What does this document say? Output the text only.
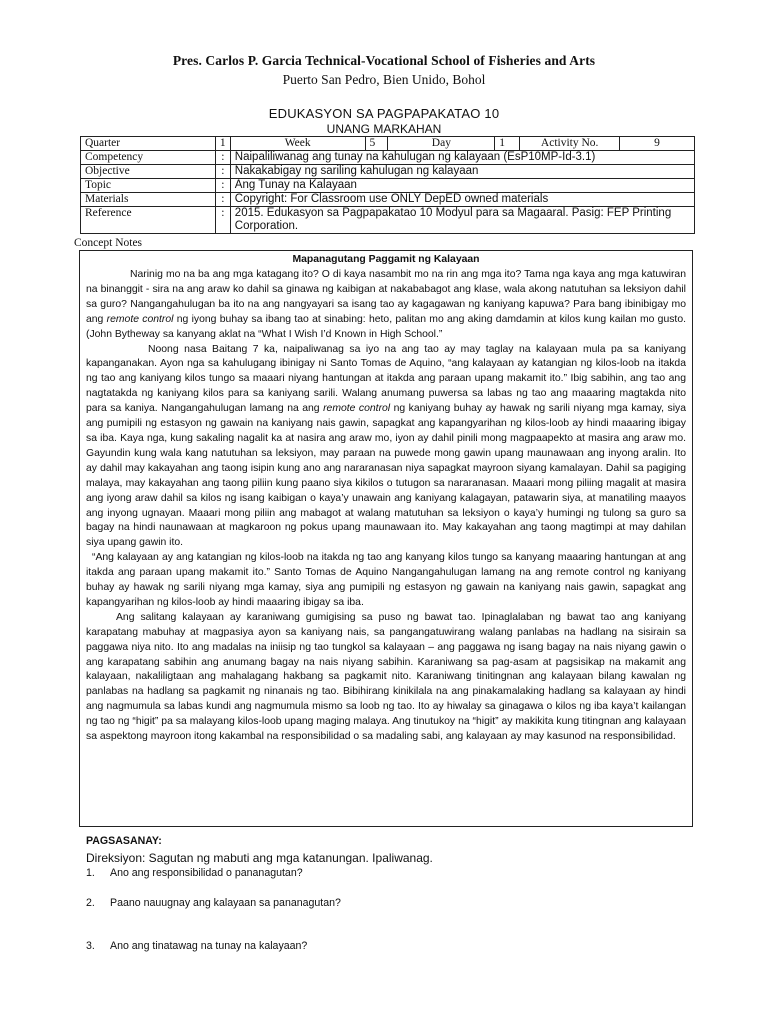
Pres. Carlos P. Garcia Technical-Vocational School of Fisheries and Arts
Puerto San Pedro, Bien Unido, Bohol
EDUKASYON SA PAGPAPAKATAO 10
UNANG MARKAHAN
Quarter	1	Week	5	Day	1	Activity No.	9
Competency	:	Naipaliliwanag ang tunay na kahulugan ng kalayaan (EsP10MP-Id-3.1)					
Objective	:	Nakakabigay ng sariling kahulugan ng kalayaan					
Topic	:	Ang Tunay na Kalayaan					
Materials	:	Copyright: For Classroom use ONLY DepED owned materials					
Reference	:	2015. Edukasyon sa Pagpapakatao 10 Modyul para sa Magaaral. Pasig: FEP Printing Corporation.					
Concept Notes
Mapanagutang Paggamit ng Kalayaan

Narinig mo na ba ang mga katagang ito? O di kaya nasambit mo na rin ang mga ito? Tama nga kaya ang mga katuwiran na binanggit - sira na ang araw ko dahil sa ginawa ng kaibigan at nakababagot ang klase, wala akong natutuhan sa leksiyon dahil sa guro? Nangangahulugan ba ito na ang nangyayari sa isang tao ay kagagawan ng kaniyang kapuwa? Para bang ibinibigay mo ang remote control ng iyong buhay sa ibang tao at sinabing: heto, palitan mo ang aking damdamin at kilos kung kailan mo gusto. (John Bytheway sa kanyang aklat na “What I Wish I’d Known in High School.”

Noong nasa Baitang 7 ka, naipaliwanag sa iyo na ang tao ay may taglay na kalayaan mula pa sa kaniyang kapanganakan. Ayon nga sa kahulugang ibinigay ni Santo Tomas de Aquino, “ang kalayaan ay katangian ng kilos-loob na itakda ng tao ang kaniyang kilos tungo sa maaari niyang hantungan at itakda ang paraan upang makamit ito.” Ibig sabihin, ang tao ang nagtatakda ng kaniyang kilos para sa kaniyang sarili. Walang anumang puwersa sa labas ng tao ang maaaring magtakda nito para sa kaniya. Nangangahulugan lamang na ang remote control ng kaniyang buhay ay hawak ng sarili niyang mga kamay, siya ang pumipili ng estasyon ng gawain na kaniyang nais gawin, sapagkat ang kapangyarihan ng kilos-loob ay hindi maaaring ibigay sa iba. Kaya nga, kung sakaling nagalit ka at nasira ang araw mo, iyon ay dahil pinili mong magpaapekto at masira ang araw mo. Gayundin kung wala kang natutuhan sa leksiyon, may paraan na puwede mong gawin upang maunawaan ang inyong aralin. Ito ay dahil may kakayahan ang taong isipin kung ano ang nararanasan niya sapagkat mayroon siyang kamalayan. Dahil sa pagiging malaya, may kakayahan ang taong piliin kung paano siya kikilos o tutugon sa nararanasan. Maaari mong piliing magalit at masira ang iyong araw dahil sa kilos ng isang kaibigan o kaya’y unawain ang kaniyang kalagayan, patawarin siya, at manatiling maayos ang inyong ugnayan. Maaari mong piliin ang mabagot at walang matutuhan sa leksiyon o kaya’y humingi ng tulong sa guro sa bagay na hindi naunawaan at magkaroon ng pokus upang maunawaan ito. May kakayahan ang taong magtimpi at may dahilan siya upang gawin ito.

“Ang kalayaan ay ang katangian ng kilos-loob na itakda ng tao ang kanyang kilos tungo sa kanyang maaaring hantungan at ang itakda ang paraan upang makamit ito.” Santo Tomas de Aquino Nangangahulugan lamang na ang remote control ng kaniyang buhay ay hawak ng sarili niyang mga kamay, siya ang pumipili ng estasyon ng gawain na kaniyang nais gawin, sapagkat ang kapangyarihan ng kilos-loob ay hindi maaaring ibigay sa iba.

Ang salitang kalayaan ay karaniwang gumigising sa puso ng bawat tao. Ipinaglalaban ng bawat tao ang kaniyang karapatang mabuhay at magpasiya ayon sa kaniyang nais, sa pangangatuwirang walang panlabas na hadlang na sisirain sa paggawa niya nito. Ito ang madalas na iniisip ng tao tungkol sa kalayaan – ang paggawa ng isang bagay na nais niyang gawin o ang karapatang sabihin ang anumang bagay na nais niyang sabihin. Karaniwang sa pag-asam at pagsisikap na makamit ang kalayaan, nakaliligtaan ang mahalagang hakbang sa pagkamit nito. Karaniwang tinitingnan ang kalayaan bilang kawalan ng panlabas na hadlang sa pagkamit ng ninanais ng tao. Bibihirang kinikilala na ang pinakamalaking hadlang sa kalayaan ay hindi ang nagmumula sa labas kundi ang nagmumula mismo sa loob ng tao. Ito ay hiwalay sa ginagawa o kilos ng iba kaya’t kailangan ng tao ng “higit” pa sa malayang kilos-loob upang maging malaya. Ang tinutukoy na “higit” ay makikita kung titingnan ang kalayaan sa aspektong mayroon itong kakambal na responsibilidad o sa madaling sabi, ang kalayaan ay may kasunod na responsibilidad.

PAGSASANAY:
Direksiyon: Sagutan ng mabuti ang mga katanungan. Ipaliwanag.
1. Ano ang responsibilidad o pananagutan?
2. Paano nauugnay ang kalayaan sa pananagutan?
3. Ano ang tinatawag na tunay na kalayaan?
